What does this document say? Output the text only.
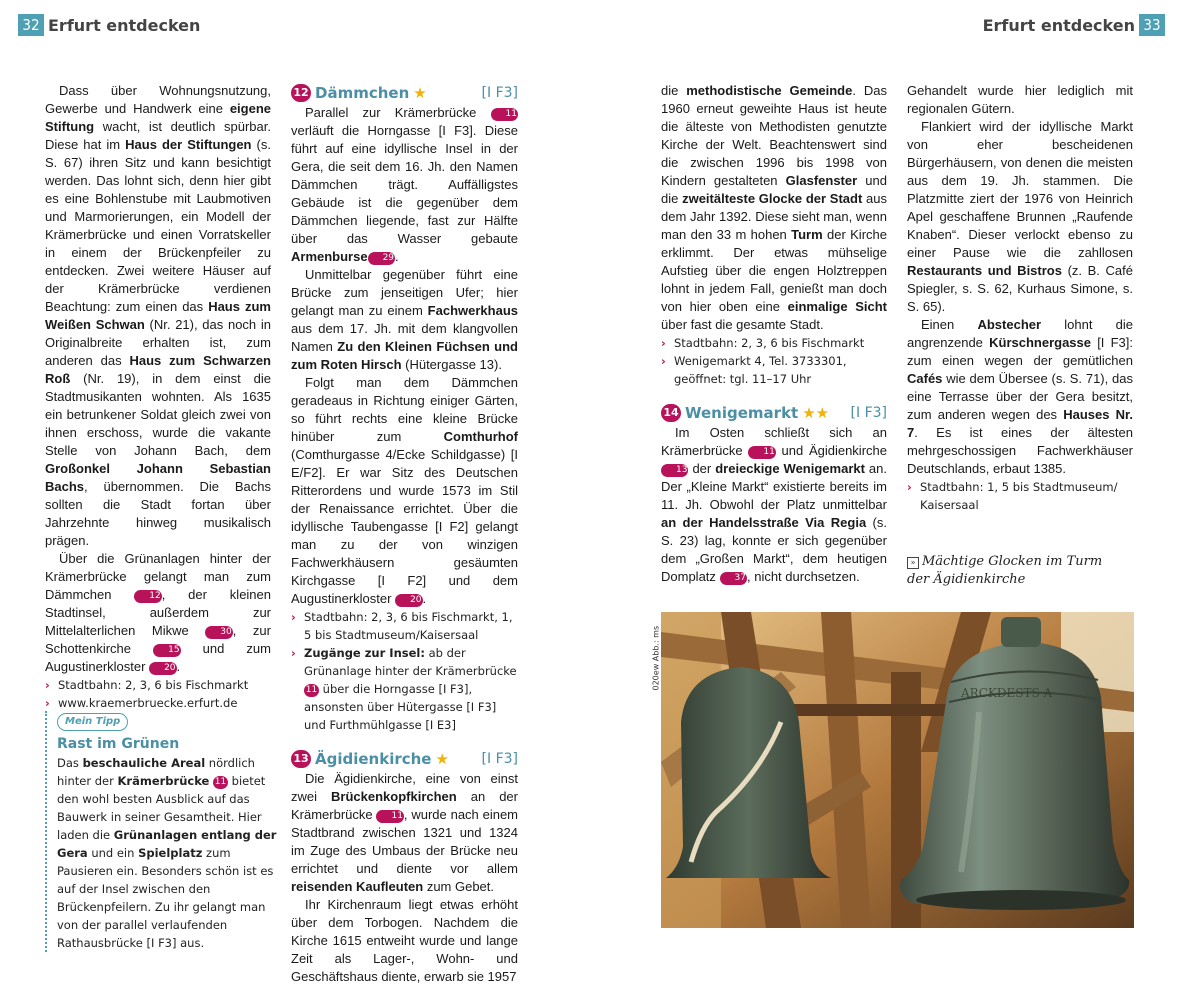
32 Erfurt entdecken	Erfurt entdecken 33

Dass über Wohnungsnutzung, Gewerbe und Handwerk eine eigene Stiftung wacht, ist deutlich spürbar. Diese hat im Haus der Stiftungen (s. S. 67) ihren Sitz und kann besichtigt werden. Das lohnt sich, denn hier gibt es eine Bohlenstube mit Laubmotiven und Marmorierungen, ein Modell der Krämerbrücke und einen Vorratskeller in einem der Brückenpfeiler zu entdecken. Zwei weitere Häuser auf der Krämerbrücke verdienen Beachtung: zum einen das Haus zum Weißen Schwan (Nr. 21), das noch in Originalbreite erhalten ist, zum anderen das Haus zum Schwarzen Roß (Nr. 19), in dem einst die Stadtmusikanten wohnten. Als 1635 ein betrunkener Soldat gleich zwei von ihnen erschoss, wurde die vakante Stelle von Johann Bach, dem Großonkel Johann Sebastian Bachs, übernommen. Die Bachs sollten die Stadt fortan über Jahrzehnte hinweg musikalisch prägen.

Über die Grünanlagen hinter der Krämerbrücke gelangt man zum Dämmchen 12, der kleinen Stadtinsel, außerdem zur Mittelalterlichen Mikwe 30, zur Schottenkirche 15 und zum Augustinerkloster 20.

› Stadtbahn: 2, 3, 6 bis Fischmarkt
› www.kraemerbruecke.erfurt.de
Mein Tipp
Rast im Grünen
Das beschauliche Areal nördlich hinter der Krämerbrücke 11 bietet den wohl besten Ausblick auf das Bauwerk in seiner Gesamtheit. Hier laden die Grünanlagen entlang der Gera und ein Spielplatz zum Pausieren ein. Besonders schön ist es auf der Insel zwischen den Brückenpfeilern. Zu ihr gelangt man von der parallel verlaufenden Rathausbrücke [I F3] aus.
12 Dämmchen ★	[I F3]

Parallel zur Krämerbrücke 11 verläuft die Horngasse [I F3]. Diese führt auf eine idyllische Insel in der Gera, die seit dem 16. Jh. den Namen Dämmchen trägt. Auffälligstes Gebäude ist die gegenüber dem Dämmchen liegende, fast zur Hälfte über das Wasser gebaute Armenburse 29.

Unmittelbar gegenüber führt eine Brücke zum jenseitigen Ufer; hier gelangt man zu einem Fachwerkhaus aus dem 17. Jh. mit dem klangvollen Namen Zu den Kleinen Füchsen und zum Roten Hirsch (Hütergasse 13).

Folgt man dem Dämmchen geradeaus in Richtung einiger Gärten, so führt rechts eine kleine Brücke hinüber zum Comthurhof (Comthurgasse 4/Ecke Schildgasse) [I E/F2]. Er war Sitz des Deutschen Ritterordens und wurde 1573 im Stil der Renaissance errichtet. Über die idyllische Taubengasse [I F2] gelangt man zu der von winzigen Fachwerkhäusern gesäumten Kirchgasse [I F2] und dem Augustinerkloster 20.

› Stadtbahn: 2, 3, 6 bis Fischmarkt, 1, 5 bis Stadtmuseum/Kaisersaal
› Zugänge zur Insel: ab der Grünanlage hinter der Krämerbrücke 11 über die Horngasse [I F3], ansonsten über Hütergasse [I F3] und Furthmühlgasse [I E3]
13 Ägidienkirche ★ [I F3]

Die Ägidienkirche, eine von einst zwei Brückenkopfkirchen an der Krämerbrücke 11, wurde nach einem Stadtbrand zwischen 1321 und 1324 im Zuge des Umbaus der Brücke neu errichtet und diente vor allem reisenden Kaufleuten zum Gebet.

Ihr Kirchenraum liegt etwas erhöht über dem Torbogen. Nachdem die Kirche 1615 entweiht wurde und lange Zeit als Lager-, Wohn- und Geschäftshaus diente, erwarb sie 1957

die methodistische Gemeinde. Das 1960 erneut geweihte Haus ist heute die älteste von Methodisten genutzte Kirche der Welt. Beachtenswert sind die zwischen 1996 bis 1998 von Kindern gestalteten Glasfenster und die zweitälteste Glocke der Stadt aus dem Jahr 1392. Diese sieht man, wenn man den 33 m hohen Turm der Kirche erklimmt. Der etwas mühselige Aufstieg über die engen Holztreppen lohnt in jedem Fall, genießt man doch von hier oben eine einmalige Sicht über fast die gesamte Stadt.

› Stadtbahn: 2, 3, 6 bis Fischmarkt
› Wenigemarkt 4, Tel. 3733301, geöffnet: tgl. 11–17 Uhr
14 Wenigemarkt ★★ [I F3]

Im Osten schließt sich an Krämerbrücke 11 und Ägidienkirche 13 der dreieckige Wenigemarkt an. Der „Kleine Markt“ existierte bereits im 11. Jh. Obwohl der Platz unmittelbar an der Handelsstraße Via Regia (s. S. 23) lag, konnte er sich gegenüber dem „Großen Markt“, dem heutigen Domplatz 37, nicht durchsetzen.

Gehandelt wurde hier lediglich mit regionalen Gütern.

Flankiert wird der idyllische Markt von eher bescheidenen Bürgerhäusern, von denen die meisten aus dem 19. Jh. stammen. Die Platzmitte ziert der 1976 von Heinrich Apel geschaffene Brunnen „Raufende Knaben“. Dieser verlockt ebenso zu einer Pause wie die zahllosen Restaurants und Bistros (z. B. Café Spiegler, s. S. 62, Kurhaus Simone, s. S. 65).

Einen Abstecher lohnt die angrenzende Kürschnergasse [I F3]: zum einen wegen der gemütlichen Cafés wie dem Übersee (s. S. 71), das eine Terrasse über der Gera besitzt, zum anderen wegen des Hauses Nr. 7. Es ist eines der ältesten mehrgeschossigen Fachwerkhäuser Deutschlands, erbaut 1385.

› Stadtbahn: 1, 5 bis Stadtmuseum/ Kaisersaal
» Mächtige Glocken im Turm der Ägidienkirche
020ew Abb.: ms
ARCKDESTS A
